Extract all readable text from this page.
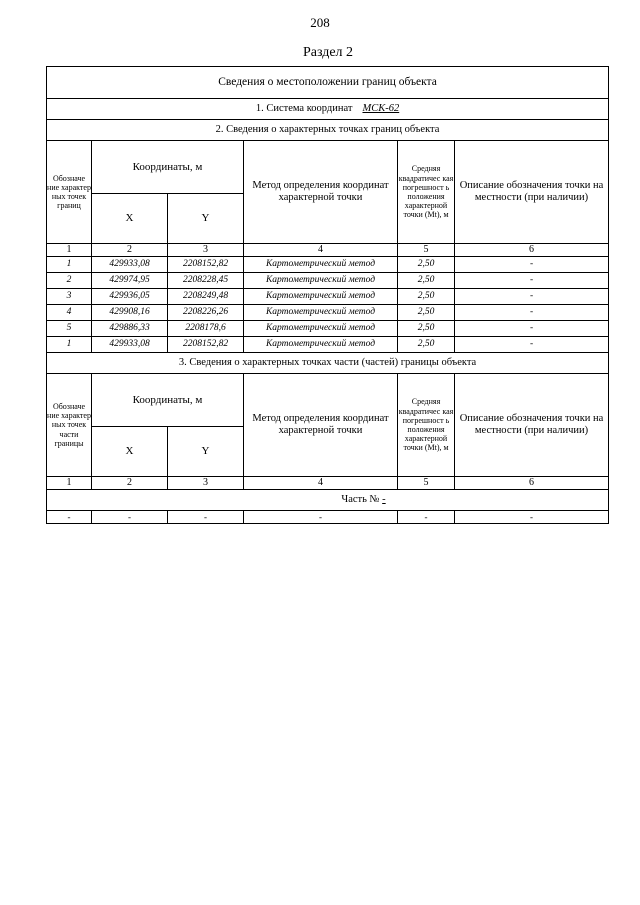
208
Раздел 2
Сведения о местоположении границ объекта					
1. Система координат МСК-62					
2. Сведения о характерных точках границ объекта					
Обозначе ние характер ных точек границ	Координаты, м		Метод определения координат характерной точки	Средняя квадратичес кая погрешност ь положения характерной точки (Mt), м	Описание обозначения точки на местности (при наличии)
	X	Y			
1	2	3	4	5	6
1	429933,08	2208152,82	Картометрический метод	2,50	-
2	429974,95	2208228,45	Картометрический метод	2,50	-
3	429936,05	2208249,48	Картометрический метод	2,50	-
4	429908,16	2208226,26	Картометрический метод	2,50	-
5	429886,33	2208178,6	Картометрический метод	2,50	-
1	429933,08	2208152,82	Картометрический метод	2,50	-
3. Сведения о характерных точках части (частей) границы объекта					
Обозначе ние характер ных точек части границы	Координаты, м		Метод определения координат характерной точки	Средняя квадратичес кая погрешност ь положения характерной точки (Mt), м	Описание обозначения точки на местности (при наличии)
	X	Y			
1	2	3	4	5	6
Часть № -					
-	-	-	-	-	-
